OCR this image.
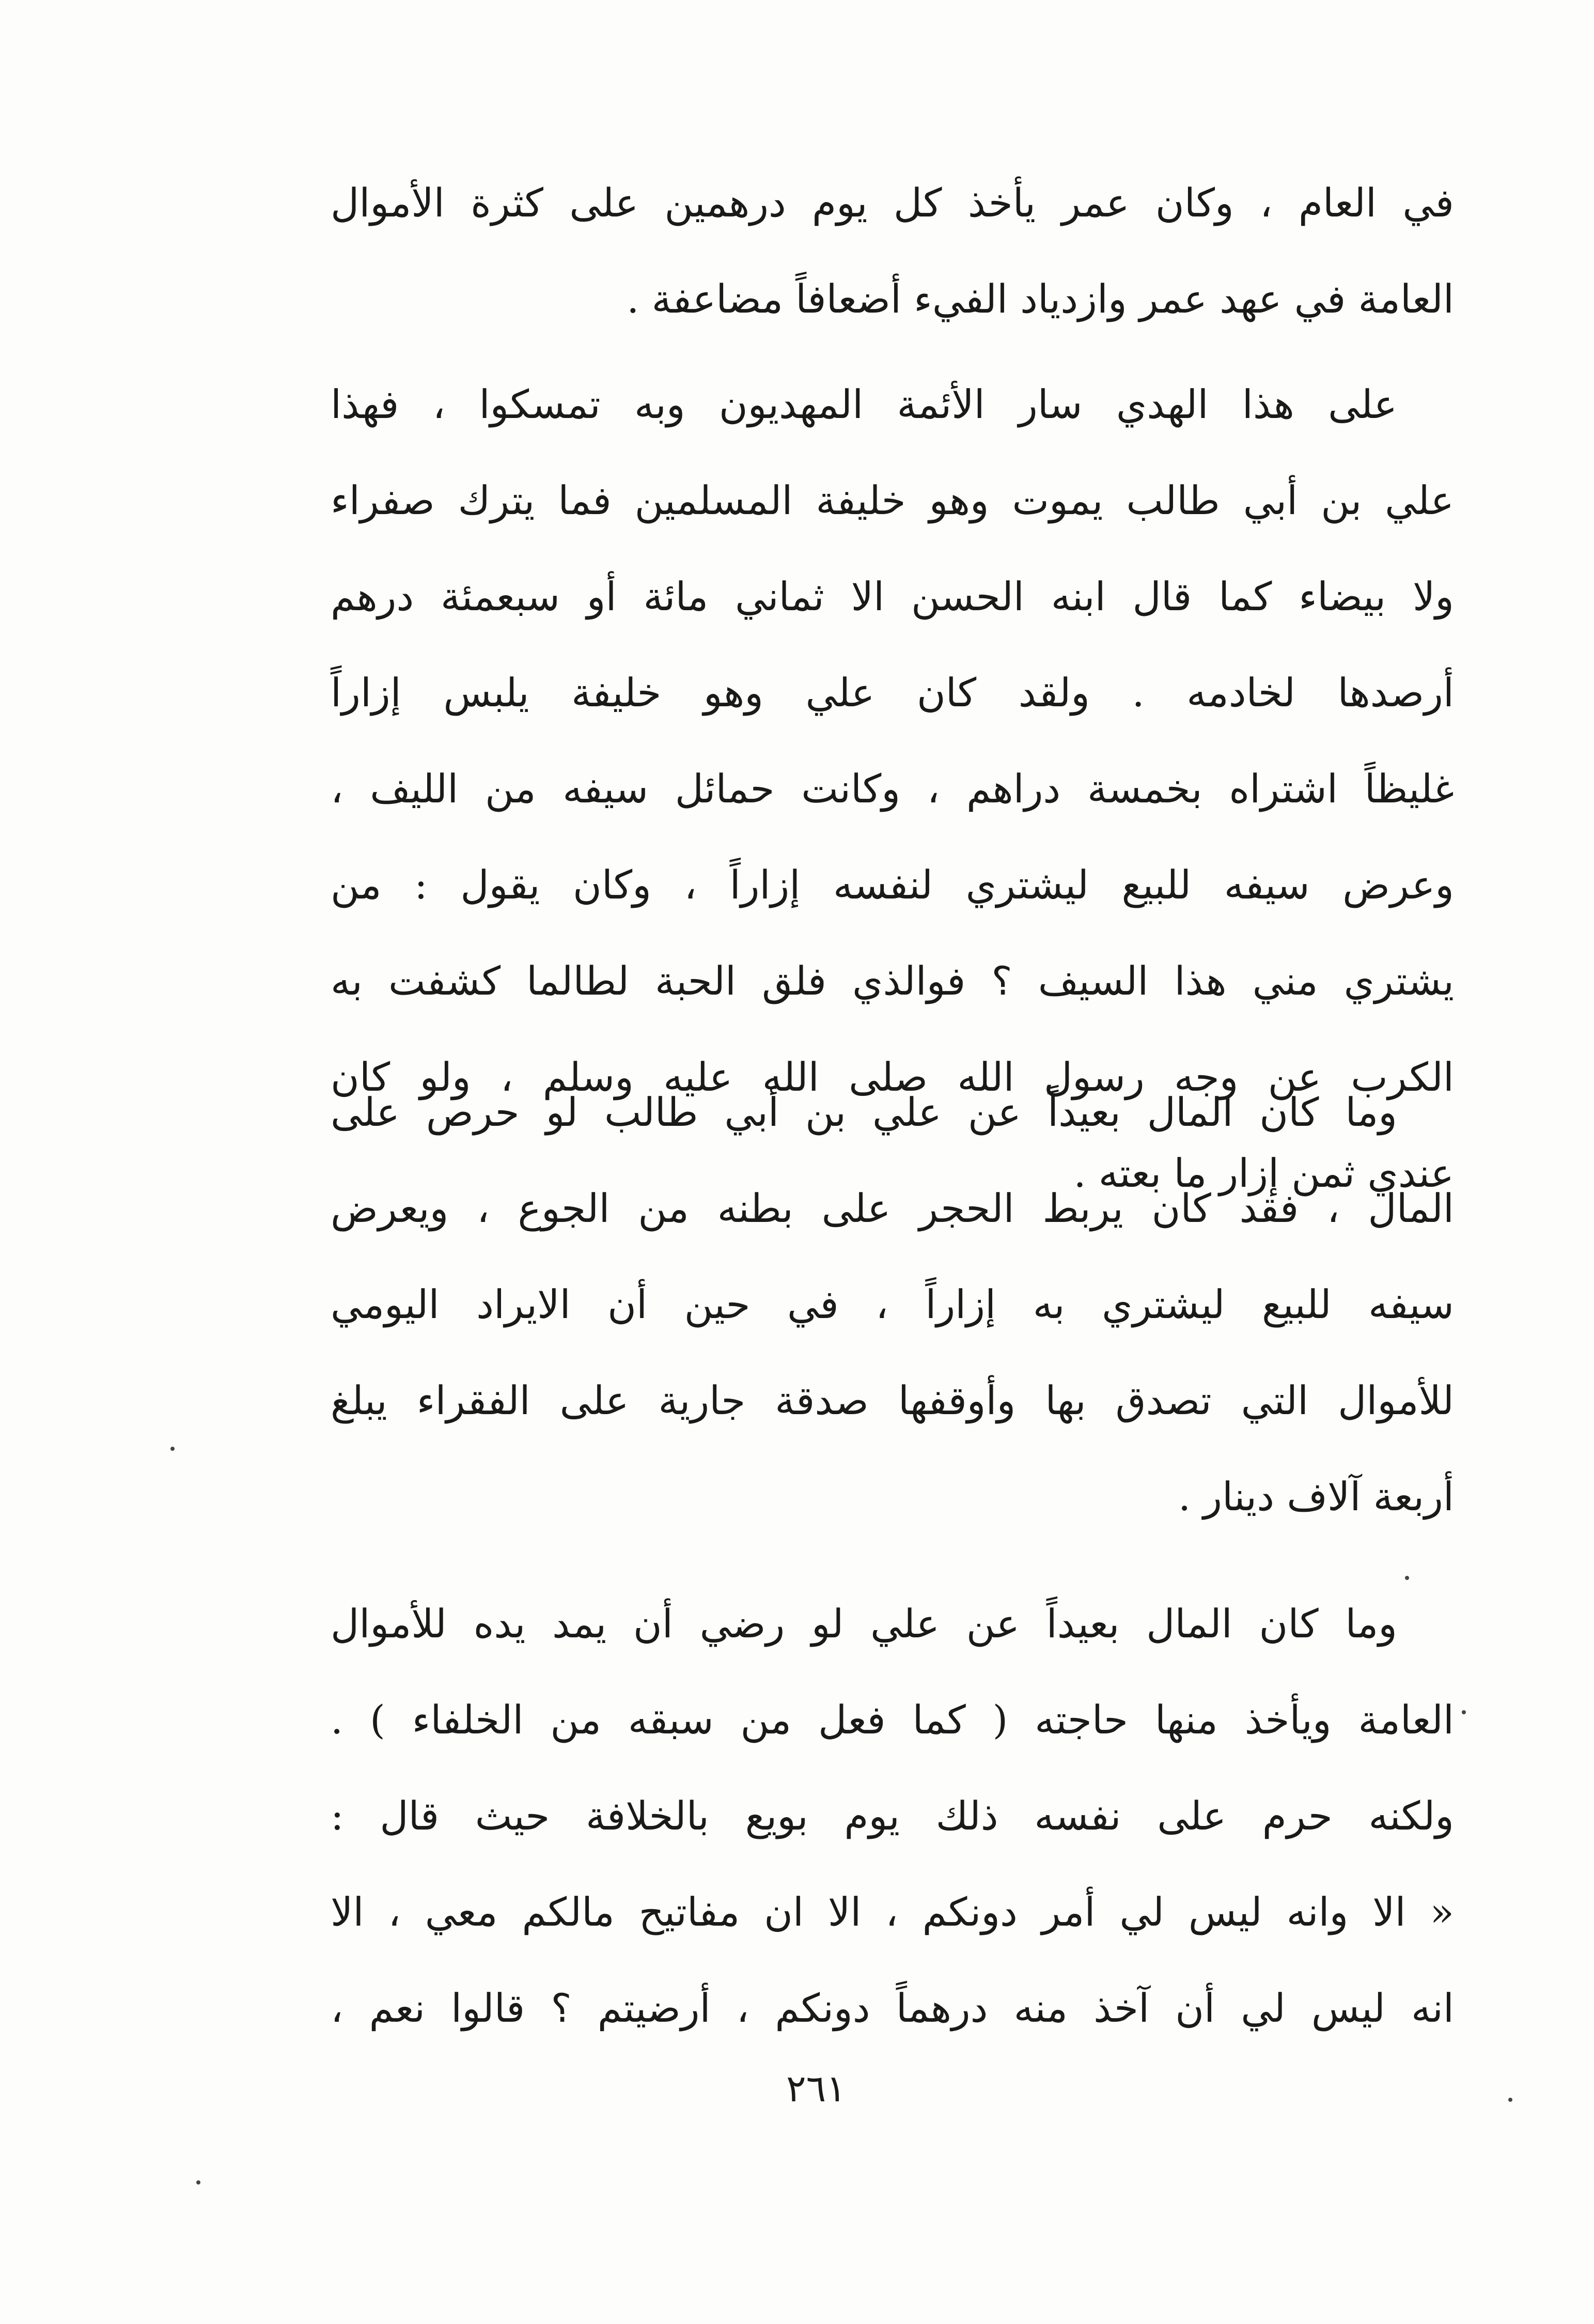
في العام ، وكان عمر يأخذ كل يوم درهمين على كثرة الأموال
العامة في عهد عمر وازدياد الفيء أضعافاً مضاعفة .

على هذا الهدي سار الأئمة المهديون وبه تمسكوا ، فهذا
علي بن أبي طالب يموت وهو خليفة المسلمين فما يترك صفراء
ولا بيضاء كما قال ابنه الحسن الا ثماني مائة أو سبعمئة درهم
أرصدها لخادمه . ولقد كان علي وهو خليفة يلبس إزاراً
غليظاً اشتراه بخمسة دراهم ، وكانت حمائل سيفه من الليف ،
وعرض سيفه للبيع ليشتري لنفسه إزاراً ، وكان يقول : من
يشتري مني هذا السيف ؟ فوالذي فلق الحبة لطالما كشفت به
الكرب عن وجه رسول الله صلى الله عليه وسلم ، ولو كان
عندي ثمن إزار ما بعته .

وما كان المال بعيداً عن علي بن أبي طالب لو حرص على
المال ، فقد كان يربط الحجر على بطنه من الجوع ، ويعرض
سيفه للبيع ليشتري به إزاراً ، في حين أن الايراد اليومي
للأموال التي تصدق بها وأوقفها صدقة جارية على الفقراء يبلغ
أربعة آلاف دينار .

وما كان المال بعيداً عن علي لو رضي أن يمد يده للأموال
العامة ويأخذ منها حاجته ( كما فعل من سبقه من الخلفاء ) .
ولكنه حرم على نفسه ذلك يوم بويع بالخلافة حيث قال :
« الا وانه ليس لي أمر دونكم ، الا ان مفاتيح مالكم معي ، الا
انه ليس لي أن آخذ منه درهماً دونكم ، أرضيتم ؟ قالوا نعم ،

٢٦١
